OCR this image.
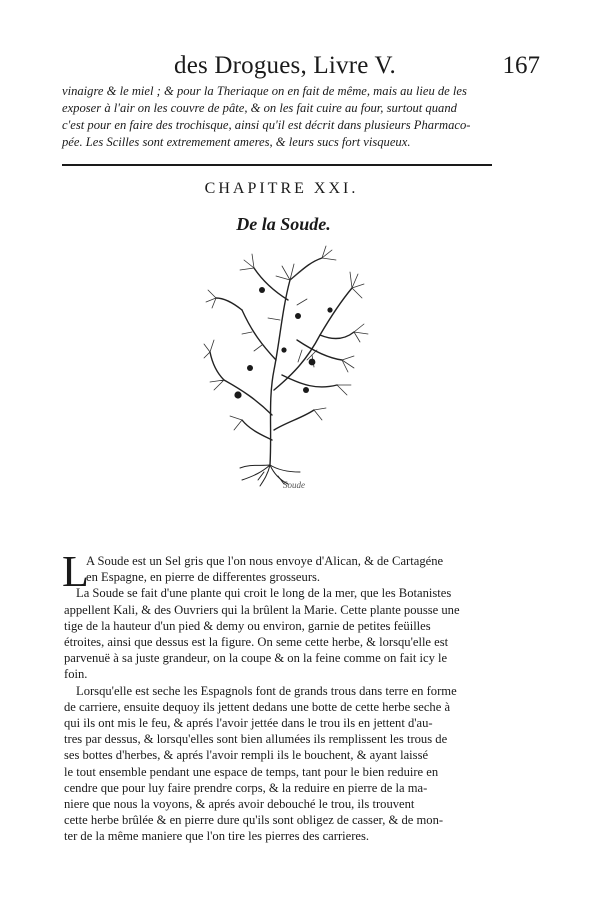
des Drogues, Livre V.	167
vinaigre & le miel ; & pour la Theriaque on en fait de même, mais au lieu de les
exposer à l'air on les couvre de pâte, & on les fait cuire au four, surtout quand
c'est pour en faire des trochisque, ainsi qu'il est décrit dans plusieurs Pharmaco-
pée. Les Scilles sont extremement ameres, & leurs sucs fort visqueux.
CHAPITRE XXI.
De la Soude.
Soude
L
A Soude est un Sel gris que l'on nous envoye d'Alican, & de Cartagéne
en Espagne, en pierre de differentes grosseurs.
La Soude se fait d'une plante qui croit le long de la mer, que les Botanistes
appellent Kali, & des Ouvriers qui la brûlent la Marie. Cette plante pousse une
tige de la hauteur d'un pied & demy ou environ, garnie de petites feüilles
étroites, ainsi que dessus est la figure. On seme cette herbe, & lorsqu'elle est
parvenuë à sa juste grandeur, on la coupe & on la feine comme on fait icy le
foin.
Lorsqu'elle est seche les Espagnols font de grands trous dans terre en forme
de carriere, ensuite dequoy ils jettent dedans une botte de cette herbe seche à
qui ils ont mis le feu, & aprés l'avoir jettée dans le trou ils en jettent d'au-
tres par dessus, & lorsqu'elles sont bien allumées ils remplissent les trous de
ses bottes d'herbes, & aprés l'avoir rempli ils le bouchent, & ayant laissé
le tout ensemble pendant une espace de temps, tant pour le bien reduire en
cendre que pour luy faire prendre corps, & la reduire en pierre de la ma-
niere que nous la voyons, & aprés avoir debouché le trou, ils trouvent
cette herbe brûlée & en pierre dure qu'ils sont obligez de casser, & de mon-
ter de la même maniere que l'on tire les pierres des carrieres.
